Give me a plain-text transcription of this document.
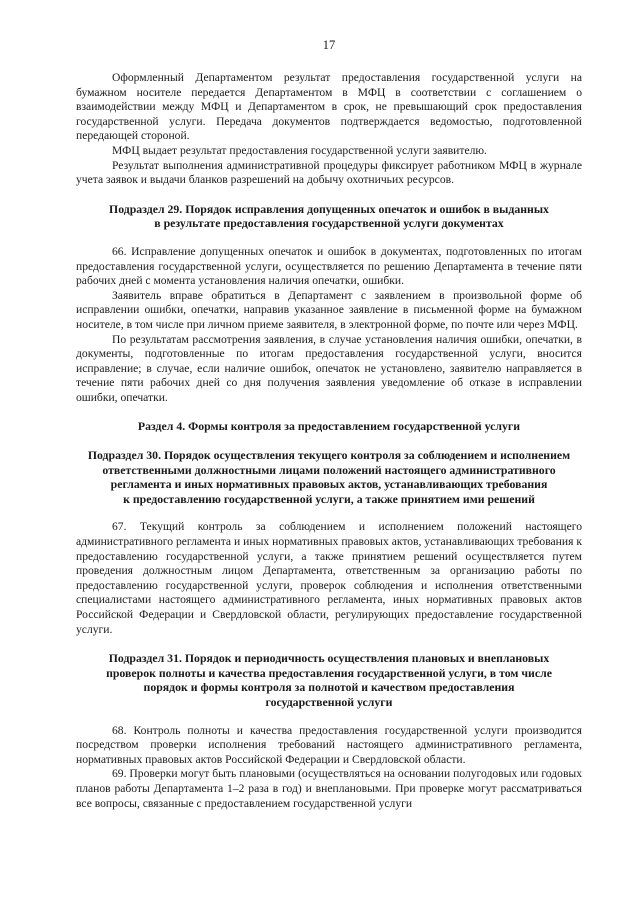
17

Оформленный Департаментом результат предоставления государственной услуги на бумажном носителе передается Департаментом в МФЦ в соответствии с соглашением о взаимодействии между МФЦ и Департаментом в срок, не превышающий срок предоставления государственной услуги. Передача документов подтверждается ведомостью, подготовленной передающей стороной.

МФЦ выдает результат предоставления государственной услуги заявителю.

Результат выполнения административной процедуры фиксирует работником МФЦ в журнале учета заявок и выдачи бланков разрешений на добычу охотничьих ресурсов.

Подраздел 29. Порядок исправления допущенных опечаток и ошибок в выданных
в результате предоставления государственной услуги документах

66. Исправление допущенных опечаток и ошибок в документах, подготовленных по итогам предоставления государственной услуги, осуществляется по решению Департамента в течение пяти рабочих дней с момента установления наличия опечатки, ошибки.

Заявитель вправе обратиться в Департамент с заявлением в произвольной форме об исправлении ошибки, опечатки, направив указанное заявление в письменной форме на бумажном носителе, в том числе при личном приеме заявителя, в электронной форме, по почте или через МФЦ.

По результатам рассмотрения заявления, в случае установления наличия ошибки, опечатки, в документы, подготовленные по итогам предоставления государственной услуги, вносится исправление; в случае, если наличие ошибок, опечаток не установлено, заявителю направляется в течение пяти рабочих дней со дня получения заявления уведомление об отказе в исправлении ошибки, опечатки.

Раздел 4. Формы контроля за предоставлением государственной услуги
Подраздел 30. Порядок осуществления текущего контроля за соблюдением и исполнением
ответственными должностными лицами положений настоящего административного
регламента и иных нормативных правовых актов, устанавливающих требования
к предоставлению государственной услуги, а также принятием ими решений

67. Текущий контроль за соблюдением и исполнением положений настоящего административного регламента и иных нормативных правовых актов, устанавливающих требования к предоставлению государственной услуги, а также принятием решений осуществляется путем проведения должностным лицом Департамента, ответственным за организацию работы по предоставлению государственной услуги, проверок соблюдения и исполнения ответственными специалистами настоящего административного регламента, иных нормативных правовых актов Российской Федерации и Свердловской области, регулирующих предоставление государственной услуги.

Подраздел 31. Порядок и периодичность осуществления плановых и внеплановых
проверок полноты и качества предоставления государственной услуги, в том числе
порядок и формы контроля за полнотой и качеством предоставления
государственной услуги

68. Контроль полноты и качества предоставления государственной услуги производится посредством проверки исполнения требований настоящего административного регламента, нормативных правовых актов Российской Федерации и Свердловской области.

69. Проверки могут быть плановыми (осуществляться на основании полугодовых или годовых планов работы Департамента 1–2 раза в год) и внеплановыми. При проверке могут рассматриваться все вопросы, связанные с предоставлением государственной услуги
